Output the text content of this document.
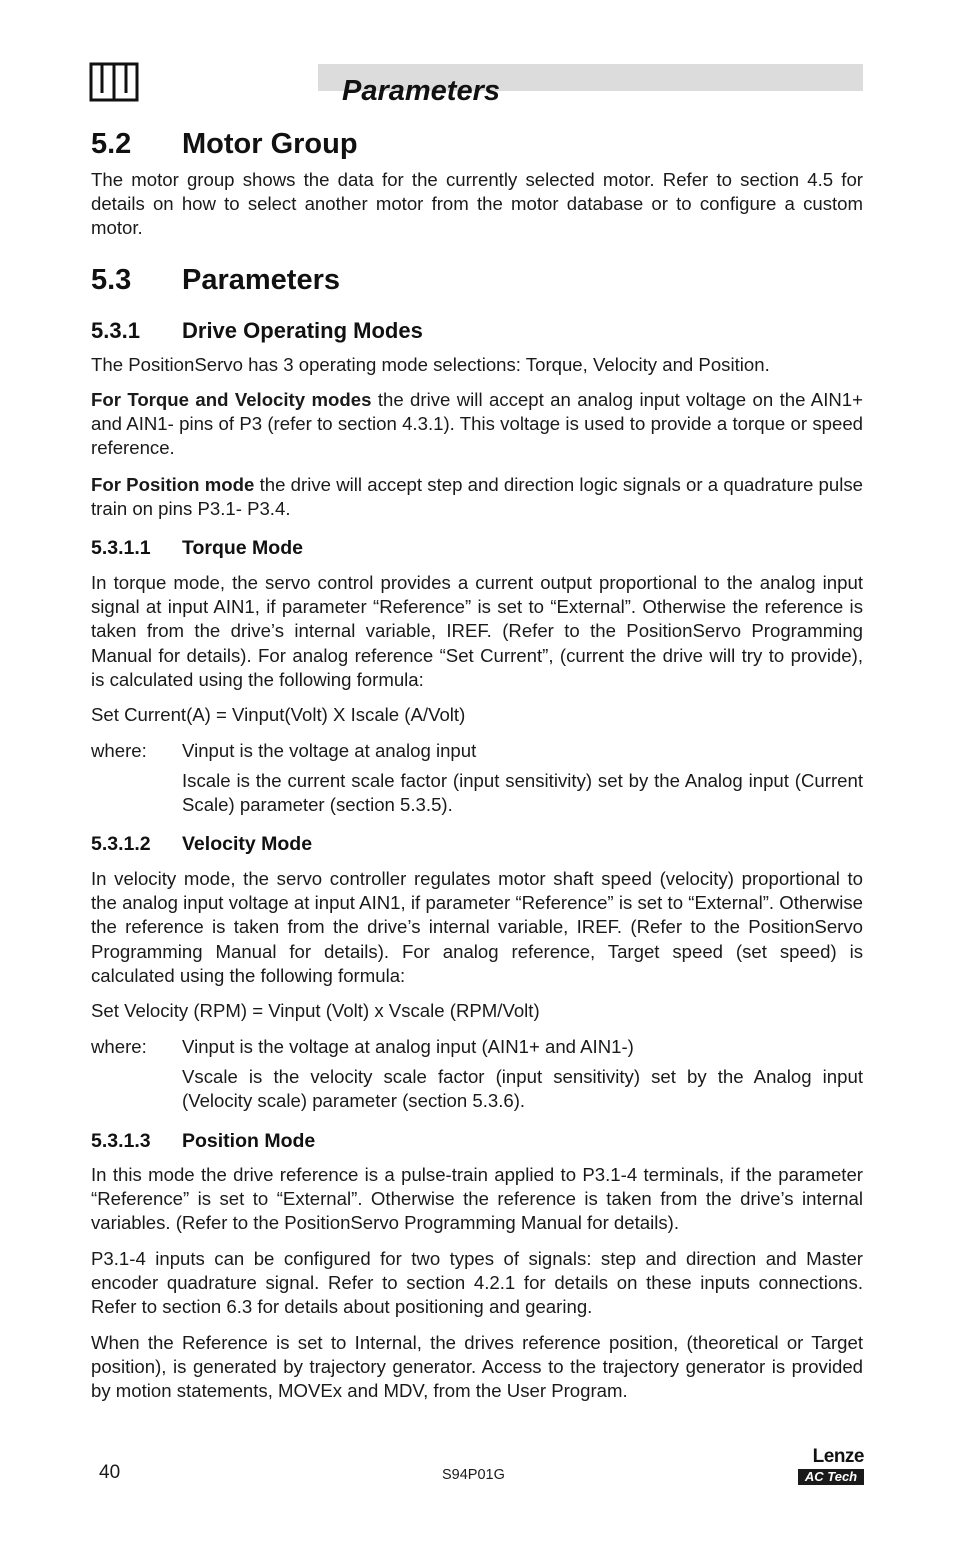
Parameters
5.2 Motor Group
The motor group shows the data for the currently selected motor. Refer to section 4.5 for details on how to select another motor from the motor database or to configure a custom motor.
5.3 Parameters
5.3.1 Drive Operating Modes
The PositionServo has 3 operating mode selections: Torque, Velocity and Position.
For Torque and Velocity modes the drive will accept an analog input voltage on the AIN1+ and AIN1- pins of P3 (refer to section 4.3.1). This voltage is used to provide a torque or speed reference.
For Position mode the drive will accept step and direction logic signals or a quadrature pulse train on pins P3.1- P3.4.
5.3.1.1 Torque Mode
In torque mode, the servo control provides a current output proportional to the analog input signal at input AIN1, if parameter “Reference” is set to “External”. Otherwise the reference is taken from the drive’s internal variable, IREF. (Refer to the PositionServo Programming Manual for details). For analog reference “Set Current”, (current the drive will try to provide), is calculated using the following formula:
Set Current(A) = Vinput(Volt) X Iscale (A/Volt)
where: Vinput is the voltage at analog input
Iscale is the current scale factor (input sensitivity) set by the Analog input (Current Scale) parameter (section 5.3.5).
5.3.1.2 Velocity Mode
In velocity mode, the servo controller regulates motor shaft speed (velocity) proportional to the analog input voltage at input AIN1, if parameter “Reference” is set to “External”. Otherwise the reference is taken from the drive’s internal variable, IREF. (Refer to the PositionServo Programming Manual for details). For analog reference, Target speed (set speed) is calculated using the following formula:
Set Velocity (RPM) = Vinput (Volt) x Vscale (RPM/Volt)
where: Vinput is the voltage at analog input (AIN1+ and AIN1-)
Vscale is the velocity scale factor (input sensitivity) set by the Analog input (Velocity scale) parameter (section 5.3.6).
5.3.1.3 Position Mode
In this mode the drive reference is a pulse-train applied to P3.1-4 terminals, if the parameter “Reference” is set to “External”. Otherwise the reference is taken from the drive’s internal variables. (Refer to the PositionServo Programming Manual for details).
P3.1-4 inputs can be configured for two types of signals: step and direction and Master encoder quadrature signal. Refer to section 4.2.1 for details on these inputs connections. Refer to section 6.3 for details about positioning and gearing.
When the Reference is set to Internal, the drives reference position, (theoretical or Target position), is generated by trajectory generator. Access to the trajectory generator is provided by motion statements, MOVEx and MDV, from the User Program.
40	S94P01G
Lenze
AC Tech
